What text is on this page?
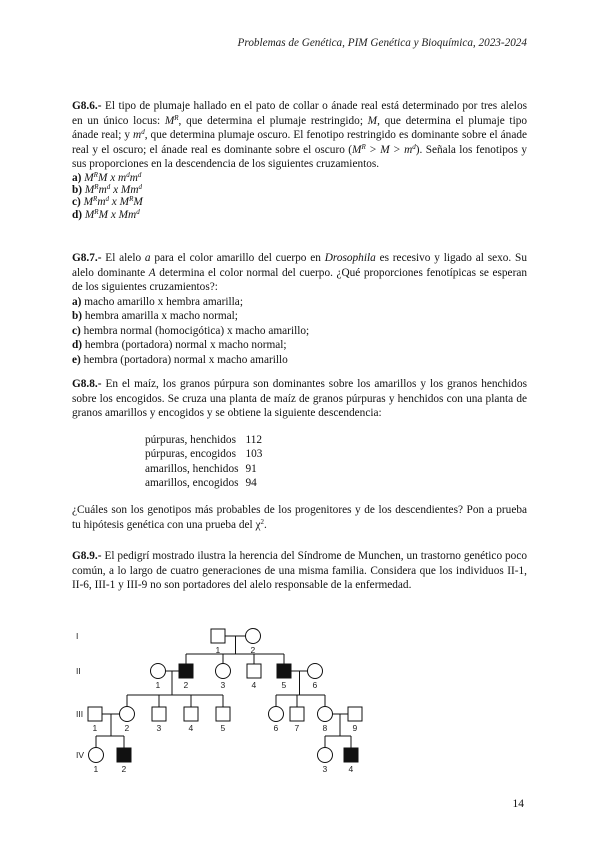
Problemas de Genética, PIM Genética y Bioquímica, 2023-2024
G8.6.- El tipo de plumaje hallado en el pato de collar o ánade real está determinado por tres alelos en un único locus: $M^R$, que determina el plumaje restringido; M, que determina el plumaje tipo ánade real; y $m^d$, que determina plumaje oscuro. El fenotipo restringido es dominante sobre el ánade real y el oscuro; el ánade real es dominante sobre el oscuro $(M^R > M > m^d)$. Señala los fenotipos y sus proporciones en la descendencia de los siguientes cruzamientos.
a) $M^RM$ x $m^dm^d$
b) $M^Rm^d$ x Mm$^d$
c) $M^Rm^d$ x $M^RM$
d) $M^RM$ x Mm$^d$
G8.7.- El alelo a para el color amarillo del cuerpo en Drosophila es recesivo y ligado al sexo. Su alelo dominante A determina el color normal del cuerpo. ¿Qué proporciones fenotípicas se esperan de los siguientes cruzamientos?:
a) macho amarillo x hembra amarilla;
b) hembra amarilla x macho normal;
c) hembra normal (homocigótica) x macho amarillo;
d) hembra (portadora) normal x macho normal;
e) hembra (portadora) normal x macho amarillo
G8.8.- En el maíz, los granos púrpura son dominantes sobre los amarillos y los granos henchidos sobre los encogidos. Se cruza una planta de maíz de granos púrpuras y henchidos con una planta de granos amarillos y encogidos y se obtiene la siguiente descendencia:
púrpuras, henchidos	112
púrpuras, encogidos	103
amarillos, henchidos	91
amarillos, encogidos	94
¿Cuáles son los genotipos más probables de los progenitores y de los descendientes? Pon a prueba tu hipótesis genética con una prueba del $\chi^2$.
G8.9.- El pedigrí mostrado ilustra la herencia del Síndrome de Munchen, un trastorno genético poco común, a lo largo de cuatro generaciones de una misma familia. Considera que los individuos II-1, II-6, III-1 y III-9 no son portadores del alelo responsable de la enfermedad.
I
II
III
IV
1	2
1	2	3	4	5	6
1	2	3	4	5	6 7	8	9
1	2	3	4
14
